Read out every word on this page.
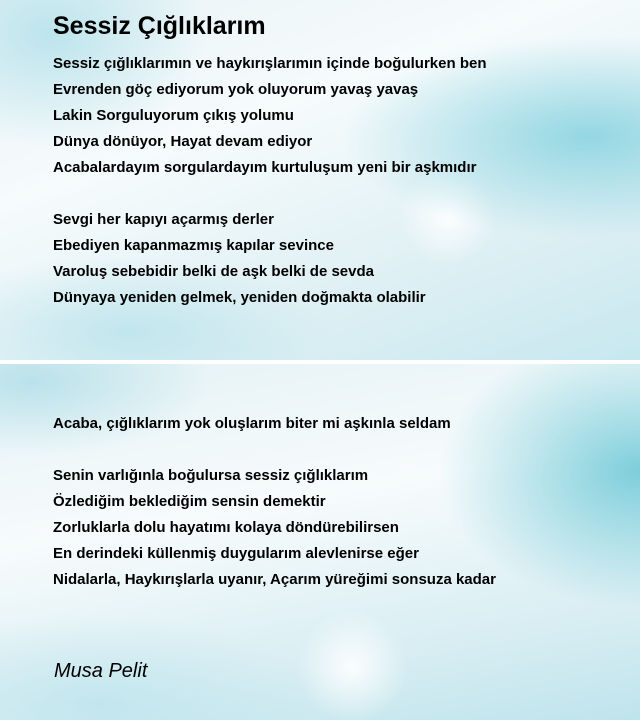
Sessiz Çığlıklarım
Sessiz çığlıklarımın ve haykırışlarımın içinde boğulurken ben
Evrenden göç ediyorum yok oluyorum yavaş yavaş
Lakin Sorguluyorum çıkış yolumu
Dünya dönüyor, Hayat devam ediyor
Acabalardayım sorgulardayım kurtuluşum yeni bir aşkmıdır
Sevgi her kapıyı açarmış derler
Ebediyen kapanmazmış kapılar sevince
Varoluş sebebidir belki de aşk belki de sevda
Dünyaya yeniden gelmek, yeniden doğmakta olabilir
Acaba, çığlıklarım yok oluşlarım biter mi aşkınla seldam
Senin varlığınla boğulursa sessiz çığlıklarım
Özlediğim beklediğim sensin demektir
Zorluklarla dolu hayatımı kolaya döndürebilirsen
En derindeki küllenmiş duygularım alevlenirse eğer
Nidalarla, Haykırışlarla uyanır, Açarım yüreğimi sonsuza kadar

Musa Pelit
